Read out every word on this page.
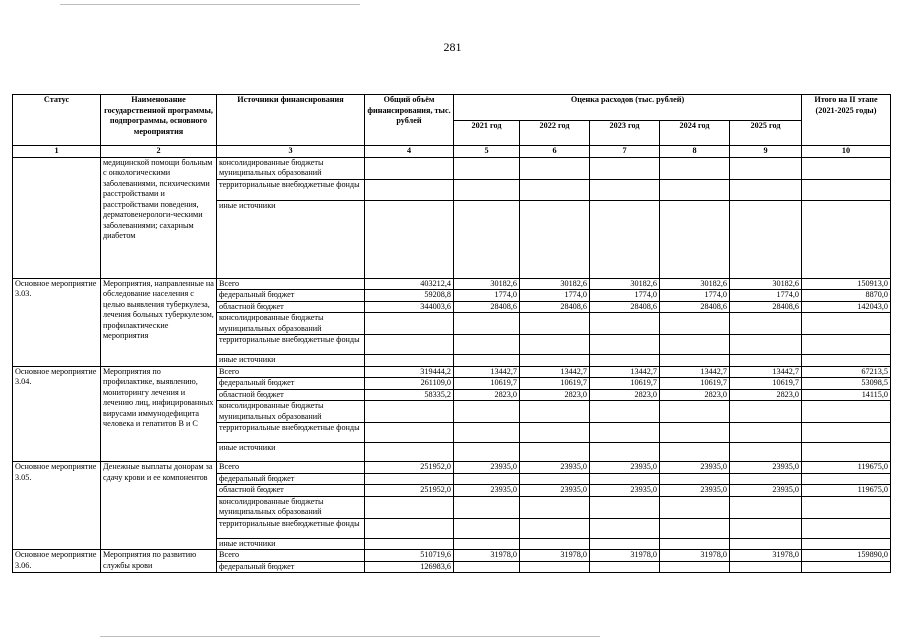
281
Статус	Наименование государственной программы, подпрограммы, основного мероприятия	Источники финансирования	Общий объём финансирования, тыс. рублей	Оценка расходов (тыс. рублей)					Итого на II этапе (2021-2025 годы)
				2021 год	2022 год	2023 год	2024 год	2025 год	
1	2	3	4	5	6	7	8	9	10
	медицинской помощи больным с онкологическими заболеваниями, психическими расстройствами и расстройствами поведения, дерматовенерологи-ческими заболеваниями; сахарным диабетом	консолидированные бюджеты муниципальных образований							
		территориальные внебюджетные фонды							
		иные источники							
Основное мероприятие 3.03.	Мероприятия, направленные на обследование населения с целью выявления туберкулеза, лечения больных туберкулезом, профилактические мероприятия	Всего	403212,4	30182,6	30182,6	30182,6	30182,6	30182,6	150913,0
		федеральный бюджет	59208,8	1774,0	1774,0	1774,0	1774,0	1774,0	8870,0
		областной бюджет	344003,6	28408,6	28408,6	28408,6	28408,6	28408,6	142043,0
		консолидированные бюджеты муниципальных образований							
		территориальные внебюджетные фонды							
		иные источники							
Основное мероприятие 3.04.	Мероприятия по профилактике, выявлению, мониторингу лечения и лечению лиц, инфицированных вирусами иммунодефицита человека и гепатитов В и С	Всего	319444,2	13442,7	13442,7	13442,7	13442,7	13442,7	67213,5
		федеральный бюджет	261109,0	10619,7	10619,7	10619,7	10619,7	10619,7	53098,5
		областной бюджет	58335,2	2823,0	2823,0	2823,0	2823,0	2823,0	14115,0
		консолидированные бюджеты муниципальных образований							
		территориальные внебюджетные фонды							
		иные источники							
Основное мероприятие 3.05.	Денежные выплаты донорам за сдачу крови и ее компонентов	Всего	251952,0	23935,0	23935,0	23935,0	23935,0	23935,0	119675,0
		федеральный бюджет							
		областной бюджет	251952,0	23935,0	23935,0	23935,0	23935,0	23935,0	119675,0
		консолидированные бюджеты муниципальных образований							
		территориальные внебюджетные фонды							
		иные источники							
Основное мероприятие 3.06.	Мероприятия по развитию службы крови	Всего	510719,6	31978,0	31978,0	31978,0	31978,0	31978,0	159890,0
		федеральный бюджет	126983,6						
